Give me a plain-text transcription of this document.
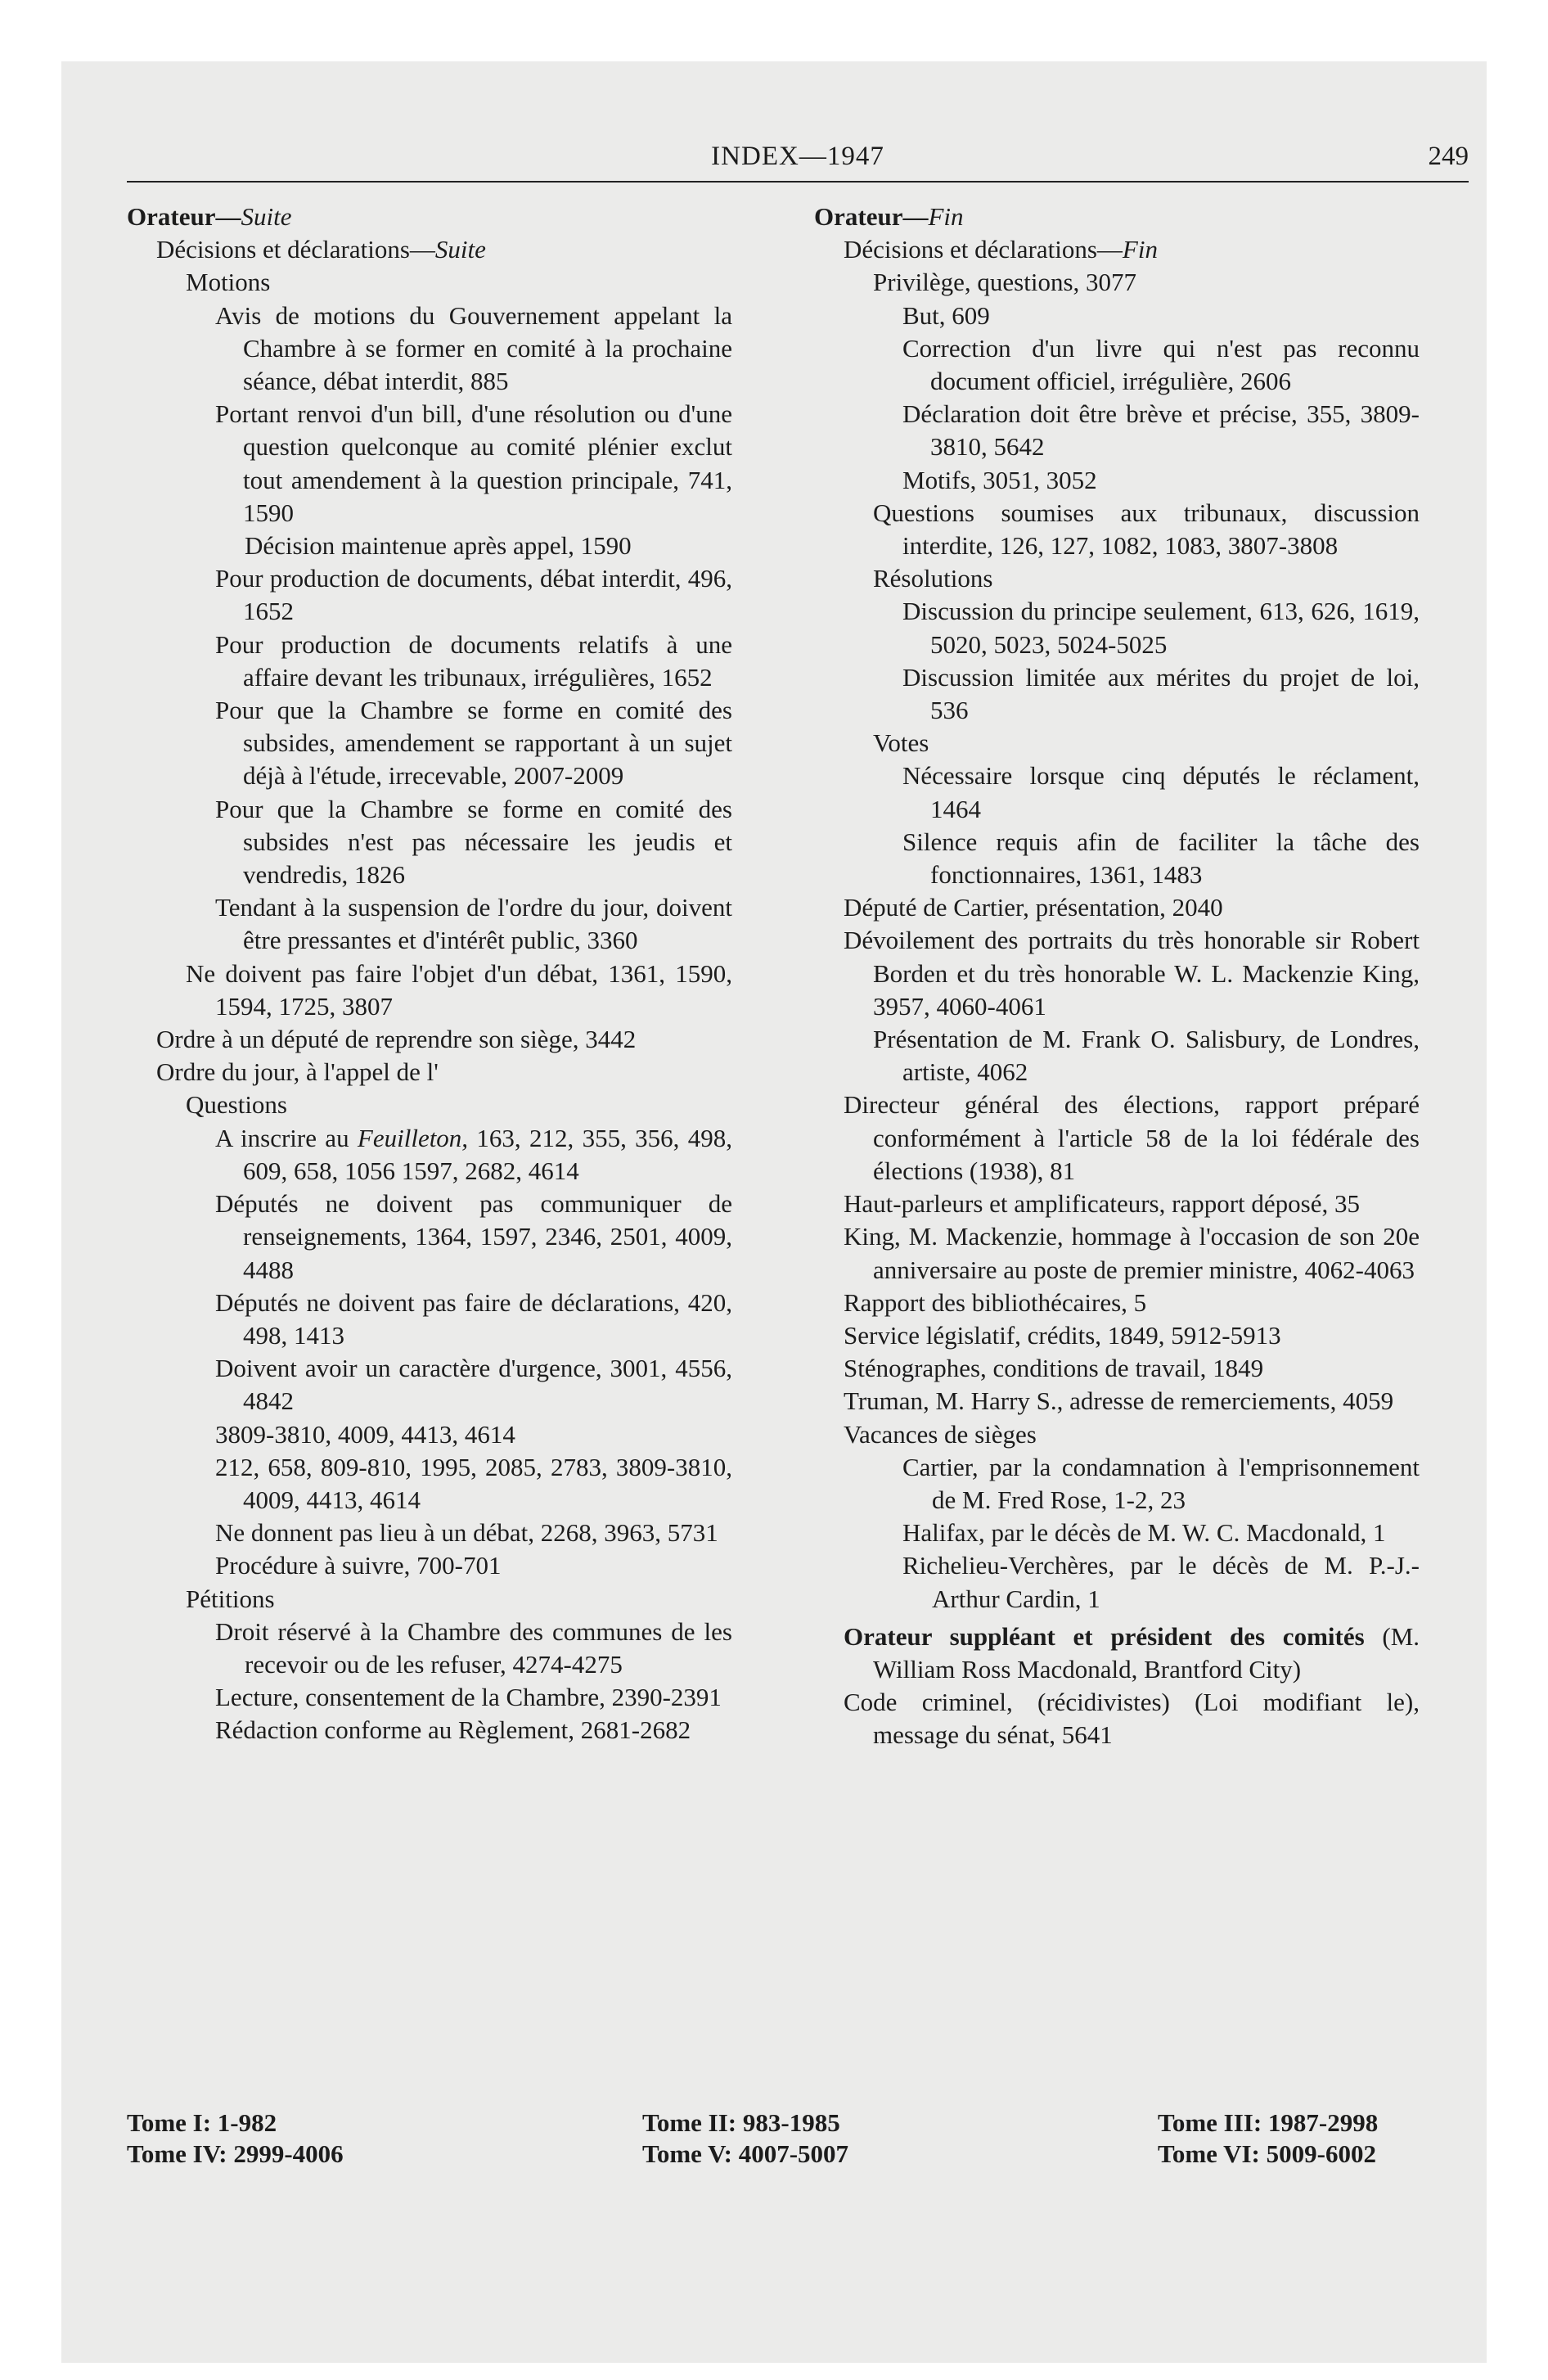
INDEX—1947	249
Orateur—Suite
Décisions et déclarations—Suite
Motions
Avis de motions du Gouvernement appelant la Chambre à se former en comité à la prochaine séance, débat interdit, 885
Portant renvoi d'un bill, d'une résolution ou d'une question quelconque au comité plénier exclut tout amendement à la question principale, 741, 1590
Décision maintenue après appel, 1590
Pour production de documents, débat interdit, 496, 1652
Pour production de documents relatifs à une affaire devant les tribunaux, irrégulières, 1652
Pour que la Chambre se forme en comité des subsides, amendement se rapportant à un sujet déjà à l'étude, irrecevable, 2007-2009
Pour que la Chambre se forme en comité des subsides n'est pas nécessaire les jeudis et vendredis, 1826
Tendant à la suspension de l'ordre du jour, doivent être pressantes et d'intérêt public, 3360
Ne doivent pas faire l'objet d'un débat, 1361, 1590, 1594, 1725, 3807
Ordre à un député de reprendre son siège, 3442
Ordre du jour, à l'appel de l'
Questions
A inscrire au Feuilleton, 163, 212, 355, 356, 498, 609, 658, 1056 1597, 2682, 4614
Députés ne doivent pas communiquer de renseignements, 1364, 1597, 2346, 2501, 4009, 4488
Députés ne doivent pas faire de déclarations, 420, 498, 1413
Doivent avoir un caractère d'urgence, 3001, 4556, 4842
3809-3810, 4009, 4413, 4614
212, 658, 809-810, 1995, 2085, 2783, 3809-3810, 4009, 4413, 4614
Ne donnent pas lieu à un débat, 2268, 3963, 5731
Procédure à suivre, 700-701
Pétitions
Droit réservé à la Chambre des communes de les recevoir ou de les refuser, 4274-4275
Lecture, consentement de la Chambre, 2390-2391
Rédaction conforme au Règlement, 2681-2682
Orateur—Fin
Décisions et déclarations—Fin
Privilège, questions, 3077
But, 609
Correction d'un livre qui n'est pas reconnu document officiel, irrégulière, 2606
Déclaration doit être brève et précise, 355, 3809-3810, 5642
Motifs, 3051, 3052
Questions soumises aux tribunaux, discussion interdite, 126, 127, 1082, 1083, 3807-3808
Résolutions
Discussion du principe seulement, 613, 626, 1619, 5020, 5023, 5024-5025
Discussion limitée aux mérites du projet de loi, 536
Votes
Nécessaire lorsque cinq députés le réclament, 1464
Silence requis afin de faciliter la tâche des fonctionnaires, 1361, 1483
Député de Cartier, présentation, 2040
Dévoilement des portraits du très honorable sir Robert Borden et du très honorable W. L. Mackenzie King, 3957, 4060-4061
Présentation de M. Frank O. Salisbury, de Londres, artiste, 4062
Directeur général des élections, rapport préparé conformément à l'article 58 de la loi fédérale des élections (1938), 81
Haut-parleurs et amplificateurs, rapport déposé, 35
King, M. Mackenzie, hommage à l'occasion de son 20e anniversaire au poste de premier ministre, 4062-4063
Rapport des bibliothécaires, 5
Service législatif, crédits, 1849, 5912-5913
Sténographes, conditions de travail, 1849
Truman, M. Harry S., adresse de remerciements, 4059
Vacances de sièges
Cartier, par la condamnation à l'emprisonnement de M. Fred Rose, 1-2, 23
Halifax, par le décès de M. W. C. Macdonald, 1
Richelieu-Verchères, par le décès de M. P.-J.-Arthur Cardin, 1
Orateur suppléant et président des comités (M. William Ross Macdonald, Brantford City)
Code criminel, (récidivistes) (Loi modifiant le), message du sénat, 5641
Tome I: 1-982
Tome IV: 2999-4006
Tome II: 983-1985
Tome V: 4007-5007
Tome III: 1987-2998
Tome VI: 5009-6002
